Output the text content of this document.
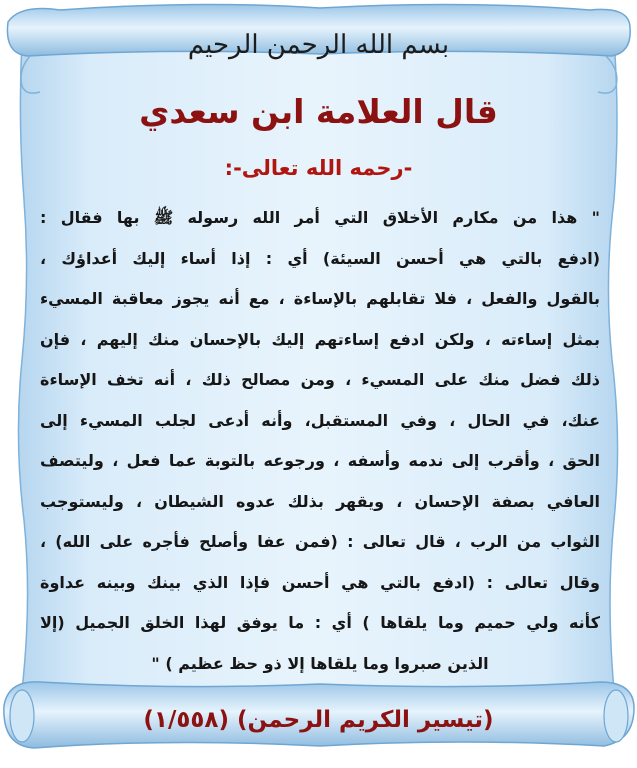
بسم الله الرحمن الرحيم
قال العلامة ابن سعدي
-رحمه الله تعالى-:
" هذا من مكارم الأخلاق التي أمر الله رسوله ﷺ بها فقال :
(ادفع بالتي هي أحسن السيئة) أي : إذا أساء إليك أعداؤك ،
بالقول والفعل ، فلا تقابلهم بالإساءة ، مع أنه يجوز معاقبة المسيء
بمثل إساءته ، ولكن ادفع إساءتهم إليك بالإحسان منك إليهم ، فإن
ذلك فضل منك على المسيء ، ومن مصالح ذلك ، أنه تخف الإساءة
عنك، في الحال ، وفي المستقبل، وأنه أدعى لجلب المسيء إلى
الحق ، وأقرب إلى ندمه وأسفه ، ورجوعه بالتوبة عما فعل ، وليتصف
العافي بصفة الإحسان ، ويقهر بذلك عدوه الشيطان ، وليستوجب
الثواب من الرب ، قال تعالى : (فمن عفا وأصلح فأجره على الله) ،
وقال تعالى : (ادفع بالتي هي أحسن فإذا الذي بينك وبينه عداوة
كأنه ولي حميم وما يلقاها ) أي : ما يوفق لهذا الخلق الجميل (إلا
الذين صبروا وما يلقاها إلا ذو حظ عظيم ) "
(تيسير الكريم الرحمن) (١/٥٥٨)
